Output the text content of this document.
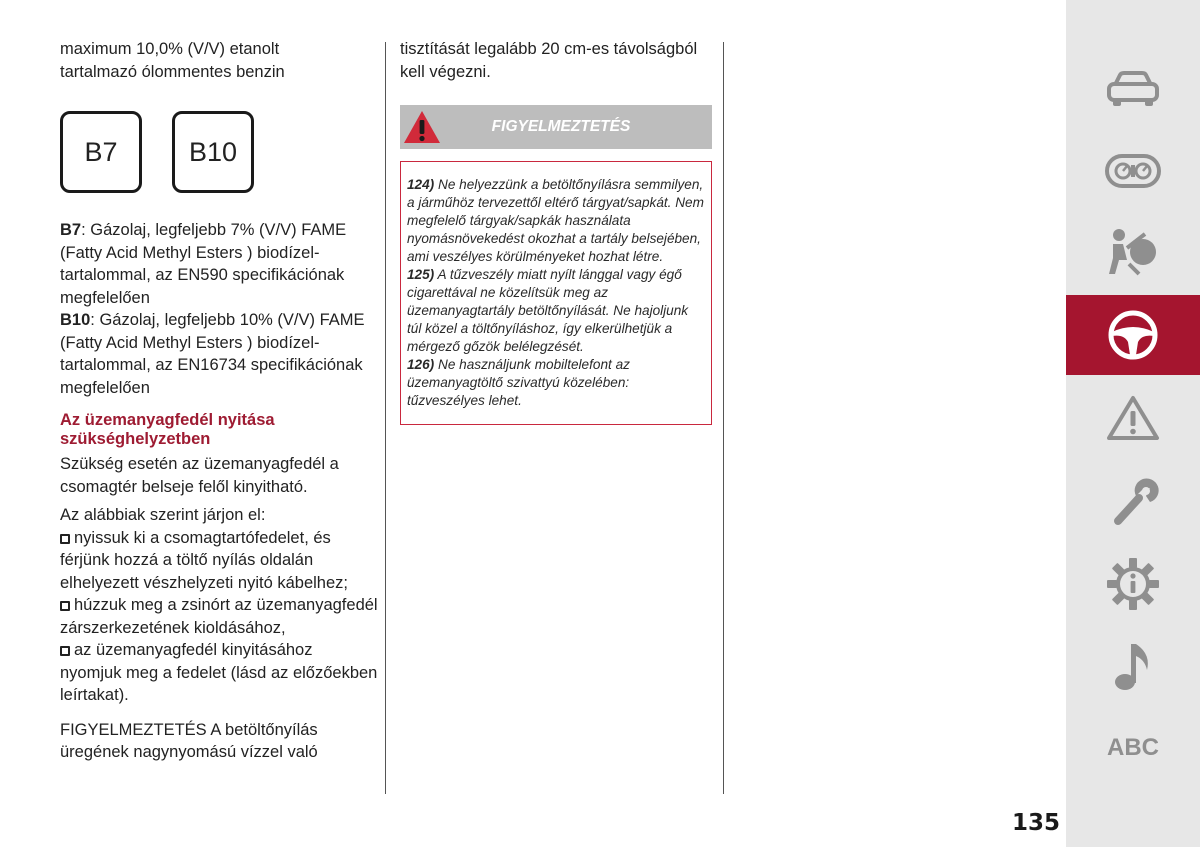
maximum 10,0% (V/V) etanolt
tartalmazó ólommentes benzin

B7	B10

B7: Gázolaj, legfeljebb 7% (V/V) FAME (Fatty Acid Methyl Esters ) biodízel-tartalommal, az EN590 specifikációnak megfelelően

B10: Gázolaj, legfeljebb 10% (V/V) FAME (Fatty Acid Methyl Esters ) biodízel-tartalommal, az EN16734 specifikációnak megfelelően

Az üzemanyagfedél nyitása szükséghelyzetben

Szükség esetén az üzemanyagfedél a csomagtér belseje felől kinyitható.

Az alábbiak szerint járjon el:

nyissuk ki a csomagtartófedelet, és férjünk hozzá a töltő nyílás oldalán elhelyezett vészhelyzeti nyitó kábelhez;

húzzuk meg a zsinórt az üzemanyagfedél zárszerkezetének kioldásához,

az üzemanyagfedél kinyitásához nyomjuk meg a fedelet (lásd az előzőekben leírtakat).

FIGYELMEZTETÉS A betöltőnyílás üregének nagynyomású vízzel való

tisztítását legalább 20 cm-es távolságból kell végezni.

FIGYELMEZTETÉS

124) Ne helyezzünk a betöltőnyílásra semmilyen, a járműhöz tervezettől eltérő tárgyat/sapkát. Nem megfelelő tárgyak/sapkák használata nyomásnövekedést okozhat a tartály belsejében, ami veszélyes körülményeket hozhat létre.

125) A tűzveszély miatt nyílt lánggal vagy égő cigarettával ne közelítsük meg az üzemanyagtartály betöltőnyílását. Ne hajoljunk túl közel a töltőnyíláshoz, így elkerülhetjük a mérgező gőzök belélegzését.

126) Ne használjunk mobiltelefont az üzemanyagtöltő szivattyú közelében: tűzveszélyes lehet.

ABC
135
